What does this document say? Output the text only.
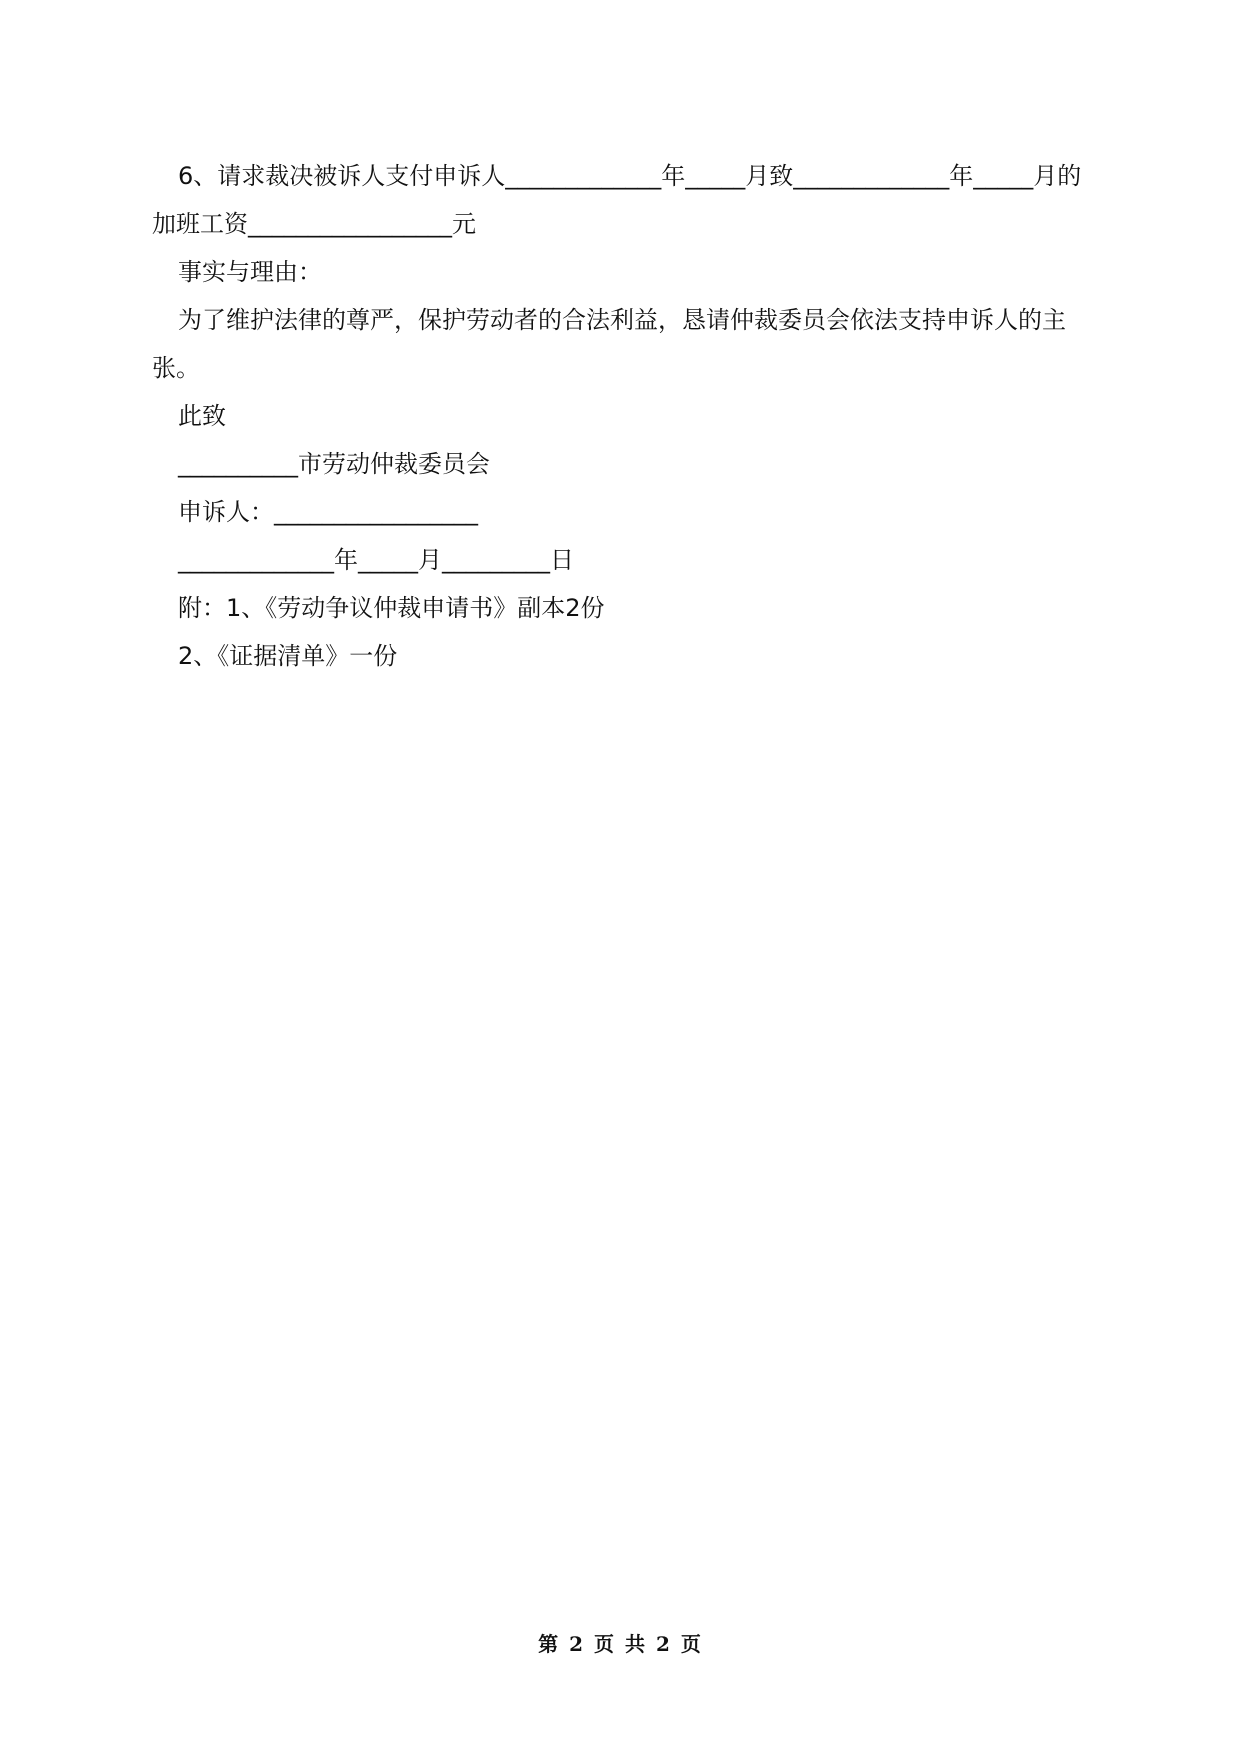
6、请求裁决被诉人支付申诉人_____________年_____月致_____________年_____月的加班工资_________________元

事实与理由：

为了维护法律的尊严，保护劳动者的合法利益，恳请仲裁委员会依法支持申诉人的主张。

此致

__________市劳动仲裁委员会

申诉人：_________________

_____________年_____月_________日

附：1、《劳动争议仲裁申请书》副本2份

2、《证据清单》一份

第 2 页 共 2 页
